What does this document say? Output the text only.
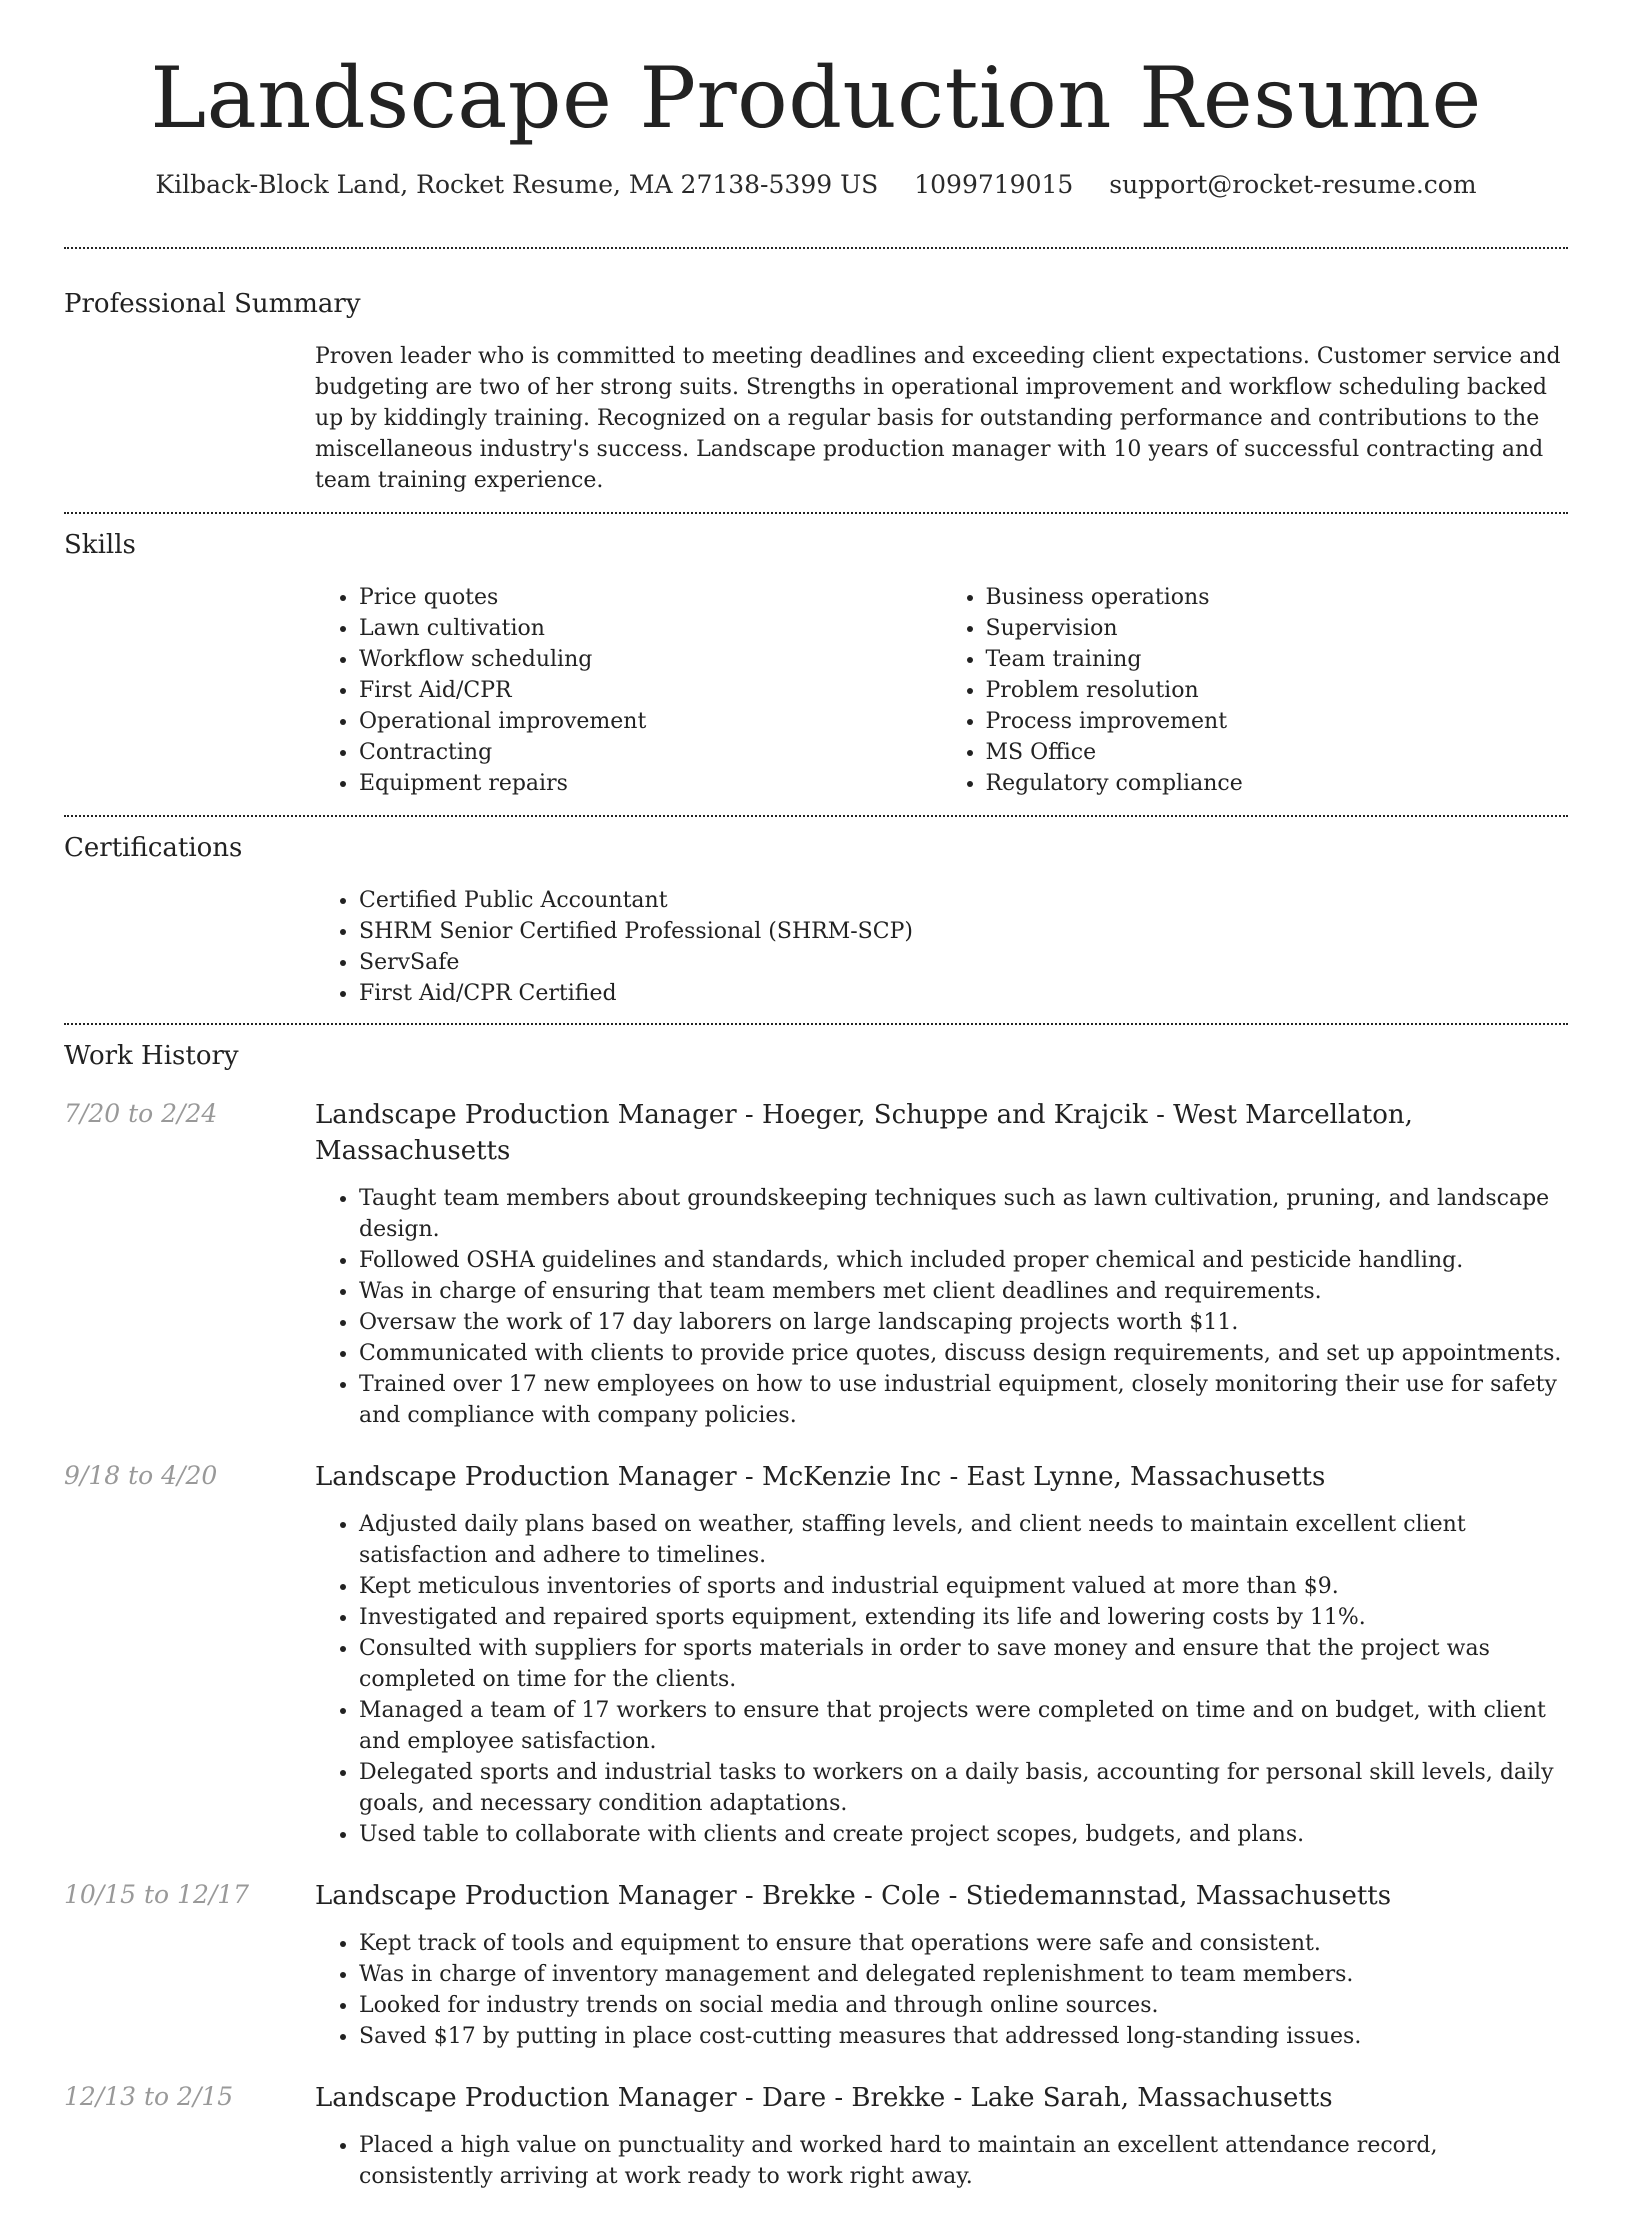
Landscape Production Resume
Kilback-Block Land, Rocket Resume, MA 27138-5399 US 1099719015 support@rocket-resume.com
Professional Summary
Proven leader who is committed to meeting deadlines and exceeding client expectations. Customer service and budgeting are two of her strong suits. Strengths in operational improvement and workflow scheduling backed up by kiddingly training. Recognized on a regular basis for outstanding performance and contributions to the miscellaneous industry's success. Landscape production manager with 10 years of successful contracting and team training experience.
Skills
• Price quotes
• Lawn cultivation
• Workflow scheduling
• First Aid/CPR
• Operational improvement
• Contracting
• Equipment repairs
• Business operations
• Supervision
• Team training
• Problem resolution
• Process improvement
• MS Office
• Regulatory compliance
Certifications
• Certified Public Accountant
• SHRM Senior Certified Professional (SHRM-SCP)
• ServSafe
• First Aid/CPR Certified
Work History
7/20 to 2/24	Landscape Production Manager - Hoeger, Schuppe and Krajcik - West Marcellaton, Massachusetts
• Taught team members about groundskeeping techniques such as lawn cultivation, pruning, and landscape design.
• Followed OSHA guidelines and standards, which included proper chemical and pesticide handling.
• Was in charge of ensuring that team members met client deadlines and requirements.
• Oversaw the work of 17 day laborers on large landscaping projects worth $11.
• Communicated with clients to provide price quotes, discuss design requirements, and set up appointments.
• Trained over 17 new employees on how to use industrial equipment, closely monitoring their use for safety and compliance with company policies.
9/18 to 4/20	Landscape Production Manager - McKenzie Inc - East Lynne, Massachusetts
• Adjusted daily plans based on weather, staffing levels, and client needs to maintain excellent client satisfaction and adhere to timelines.
• Kept meticulous inventories of sports and industrial equipment valued at more than $9.
• Investigated and repaired sports equipment, extending its life and lowering costs by 11%.
• Consulted with suppliers for sports materials in order to save money and ensure that the project was completed on time for the clients.
• Managed a team of 17 workers to ensure that projects were completed on time and on budget, with client and employee satisfaction.
• Delegated sports and industrial tasks to workers on a daily basis, accounting for personal skill levels, daily goals, and necessary condition adaptations.
• Used table to collaborate with clients and create project scopes, budgets, and plans.
10/15 to 12/17	Landscape Production Manager - Brekke - Cole - Stiedemannstad, Massachusetts
• Kept track of tools and equipment to ensure that operations were safe and consistent.
• Was in charge of inventory management and delegated replenishment to team members.
• Looked for industry trends on social media and through online sources.
• Saved $17 by putting in place cost-cutting measures that addressed long-standing issues.
12/13 to 2/15	Landscape Production Manager - Dare - Brekke - Lake Sarah, Massachusetts
• Placed a high value on punctuality and worked hard to maintain an excellent attendance record, consistently arriving at work ready to work right away.
